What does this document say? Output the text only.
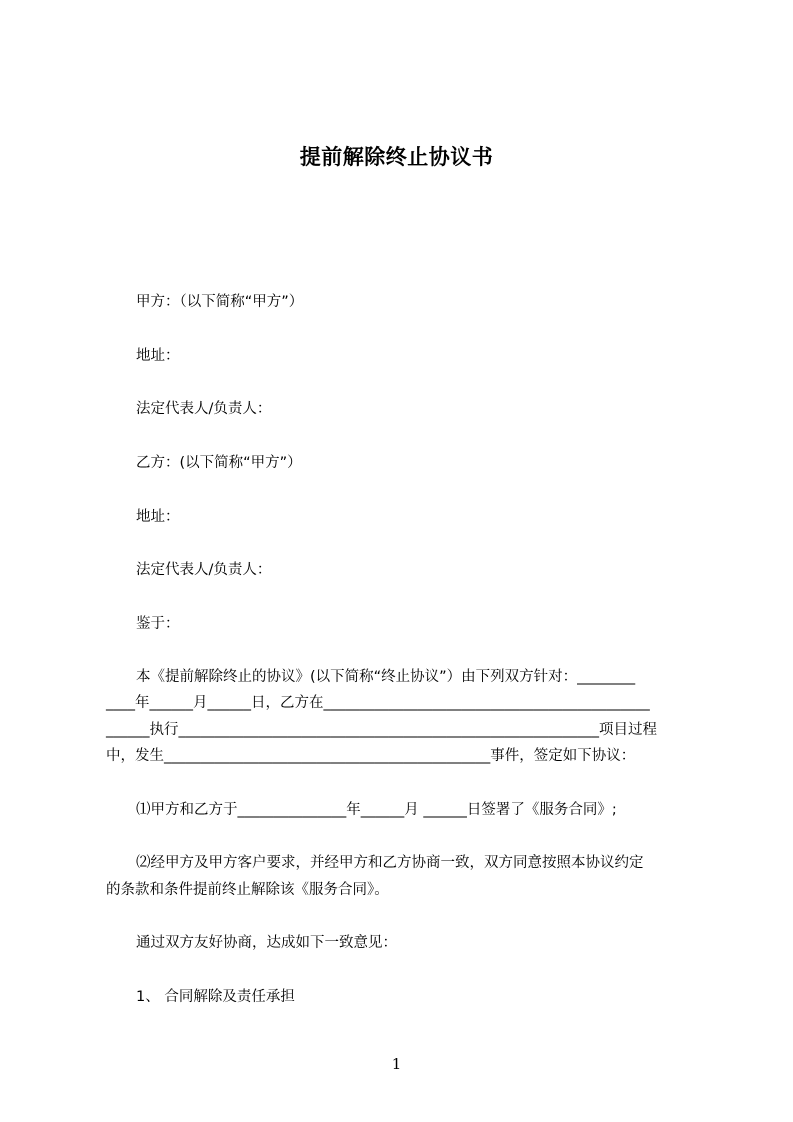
提前解除终止协议书
甲方：（以下简称“甲方”）
地址：
法定代表人/负责人：
乙方：(以下简称“甲方”）
地址：
法定代表人/负责人：
鉴于：
本《提前解除终止的协议》(以下简称“终止协议”）由下列双方针对：________
____年______月______日，乙方在_____________________________________________
______执行__________________________________________________________项目过程
中，发生_____________________________________________事件，签定如下协议：
⑴甲方和乙方于_______________年______月 ______日签署了《服务合同》;
⑵经甲方及甲方客户要求，并经甲方和乙方协商一致，双方同意按照本协议约定
的条款和条件提前终止解除该《服务合同》。
通过双方友好协商，达成如下一致意见：
1、 合同解除及责任承担
1
